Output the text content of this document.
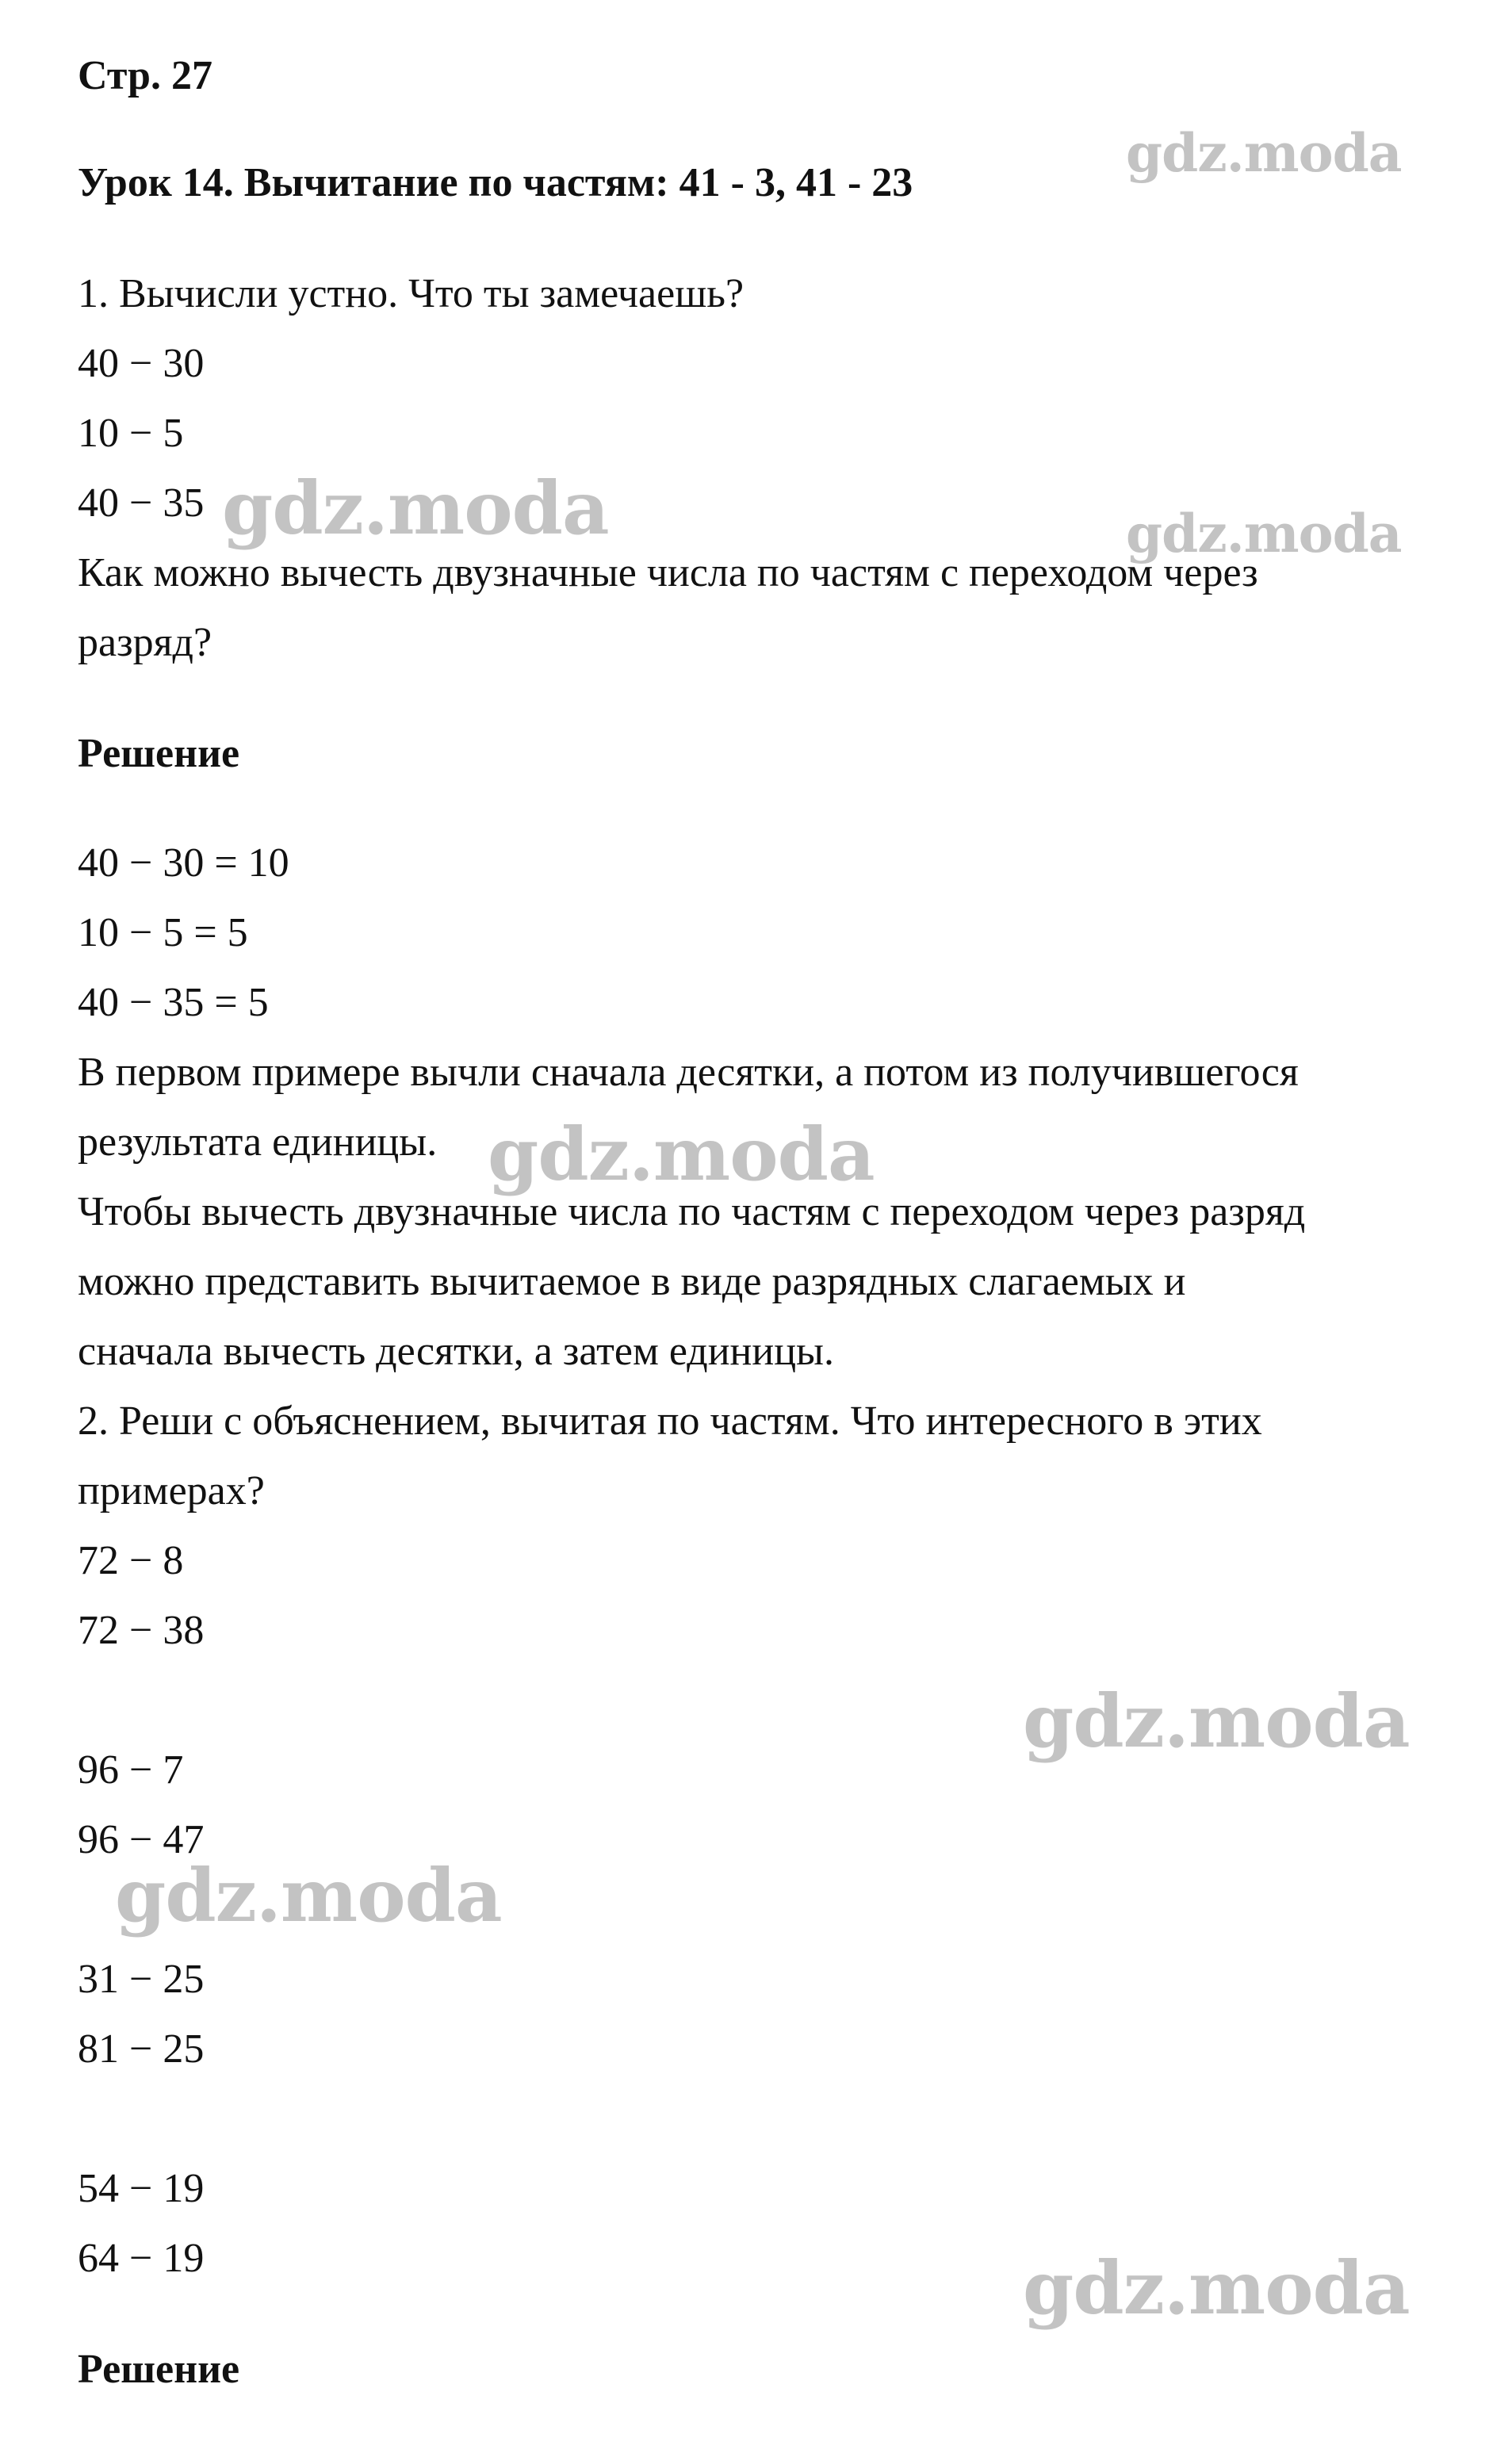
Стр. 27
Урок 14. Вычитание по частям: 41 - 3, 41 - 23
1. Вычисли устно. Что ты замечаешь?
40 − 30
10 − 5
40 − 35
Как можно вычесть двузначные числа по частям с переходом через
разряд?
Решение
40 − 30 = 10
10 − 5 = 5
40 − 35 = 5
В первом примере вычли сначала десятки, а потом из получившегося
результата единицы.
Чтобы вычесть двузначные числа по частям с переходом через разряд
можно представить вычитаемое в виде разрядных слагаемых и
сначала вычесть десятки, а затем единицы.
2. Реши с объяснением, вычитая по частям. Что интересного в этих
примерах?
72 − 8
72 − 38
96 − 7
96 − 47
31 − 25
81 − 25
54 − 19
64 − 19
Решение
gdz.moda
gdz.moda	gdz.moda
gdz.moda
gdz.moda
gdz.moda
gdz.moda
